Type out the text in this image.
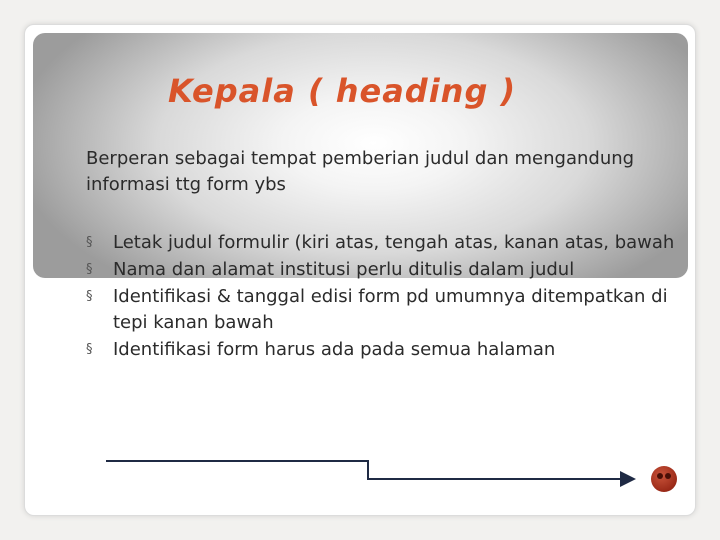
Kepala ( heading )

Berperan sebagai tempat pemberian judul dan mengandung informasi ttg form ybs

§ Letak judul formulir (kiri atas, tengah atas, kanan atas, bawah
§ Nama dan alamat institusi perlu ditulis dalam judul
§ Identifikasi & tanggal edisi form pd umumnya ditempatkan di tepi kanan bawah
§ Identifikasi form harus ada pada semua halaman
